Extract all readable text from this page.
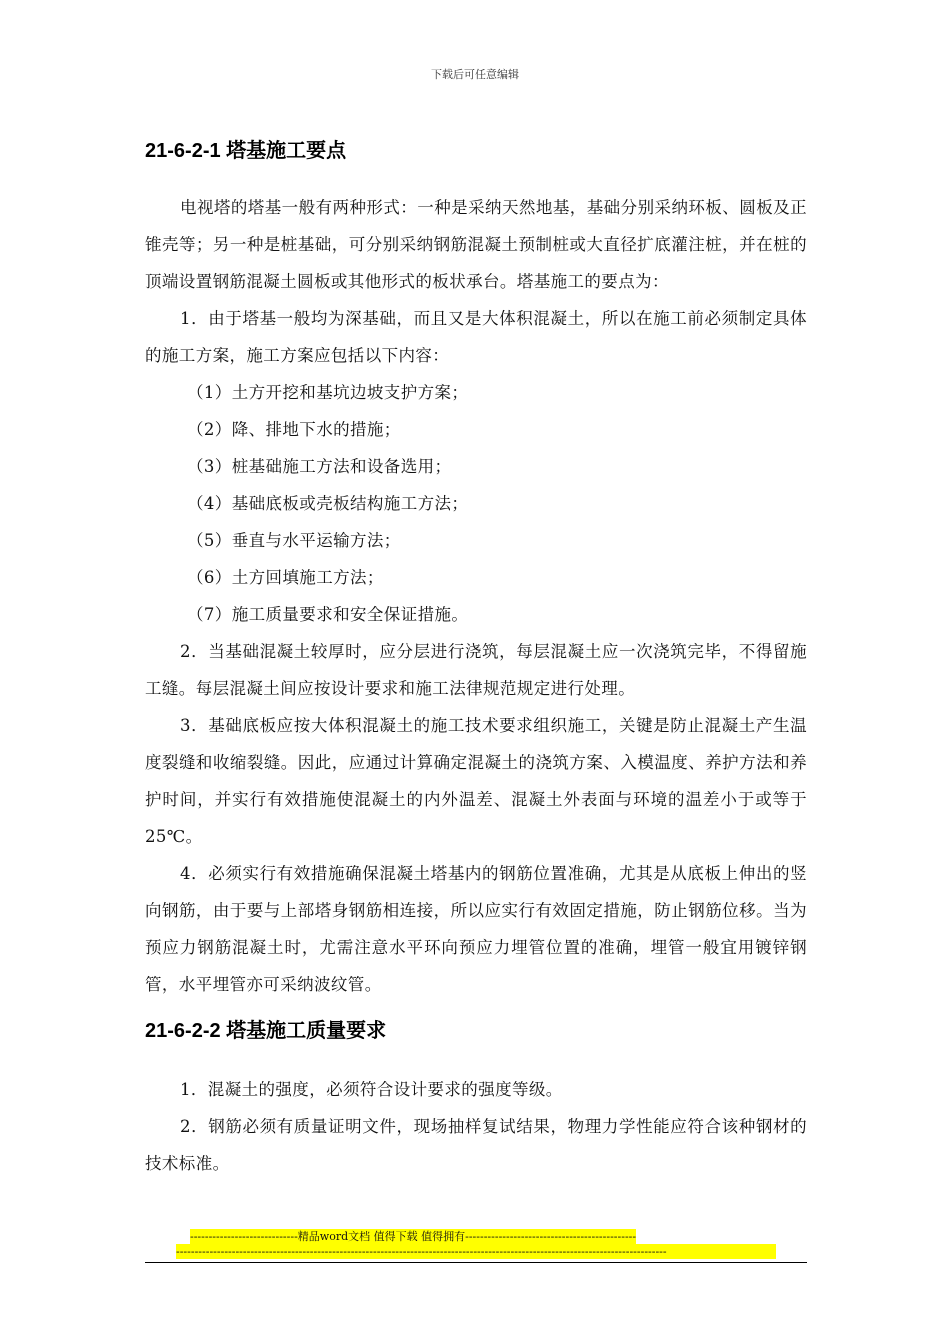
下载后可任意编辑
21-6-2-1 塔基施工要点

电视塔的塔基一般有两种形式：一种是采纳天然地基，基础分别采纳环板、圆板及正锥壳等；另一种是桩基础，可分别采纳钢筋混凝土预制桩或大直径扩底灌注桩，并在桩的顶端设置钢筋混凝土圆板或其他形式的板状承台。塔基施工的要点为：

1．由于塔基一般均为深基础，而且又是大体积混凝土，所以在施工前必须制定具体的施工方案，施工方案应包括以下内容：

（1）土方开挖和基坑边坡支护方案；

（2）降、排地下水的措施；

（3）桩基础施工方法和设备选用；

（4）基础底板或壳板结构施工方法；

（5）垂直与水平运输方法；

（6）土方回填施工方法；

（7）施工质量要求和安全保证措施。

2．当基础混凝土较厚时，应分层进行浇筑，每层混凝土应一次浇筑完毕，不得留施工缝。每层混凝土间应按设计要求和施工法律规范规定进行处理。

3．基础底板应按大体积混凝土的施工技术要求组织施工，关键是防止混凝土产生温度裂缝和收缩裂缝。因此，应通过计算确定混凝土的浇筑方案、入模温度、养护方法和养护时间，并实行有效措施使混凝土的内外温差、混凝土外表面与环境的温差小于或等于25℃。

4．必须实行有效措施确保混凝土塔基内的钢筋位置准确，尤其是从底板上伸出的竖向钢筋，由于要与上部塔身钢筋相连接，所以应实行有效固定措施，防止钢筋位移。当为预应力钢筋混凝土时，尤需注意水平环向预应力埋管位置的准确，埋管一般宜用镀锌钢管，水平埋管亦可采纳波纹管。

21-6-2-2 塔基施工质量要求

1．混凝土的强度，必须符合设计要求的强度等级。

2．钢筋必须有质量证明文件，现场抽样复试结果，物理力学性能应符合该种钢材的技术标准。

-----------------------------精品word文档 值得下载 值得拥有----------------------------------------------
------------------------------------------------------------------------------------------------------------------------------------
